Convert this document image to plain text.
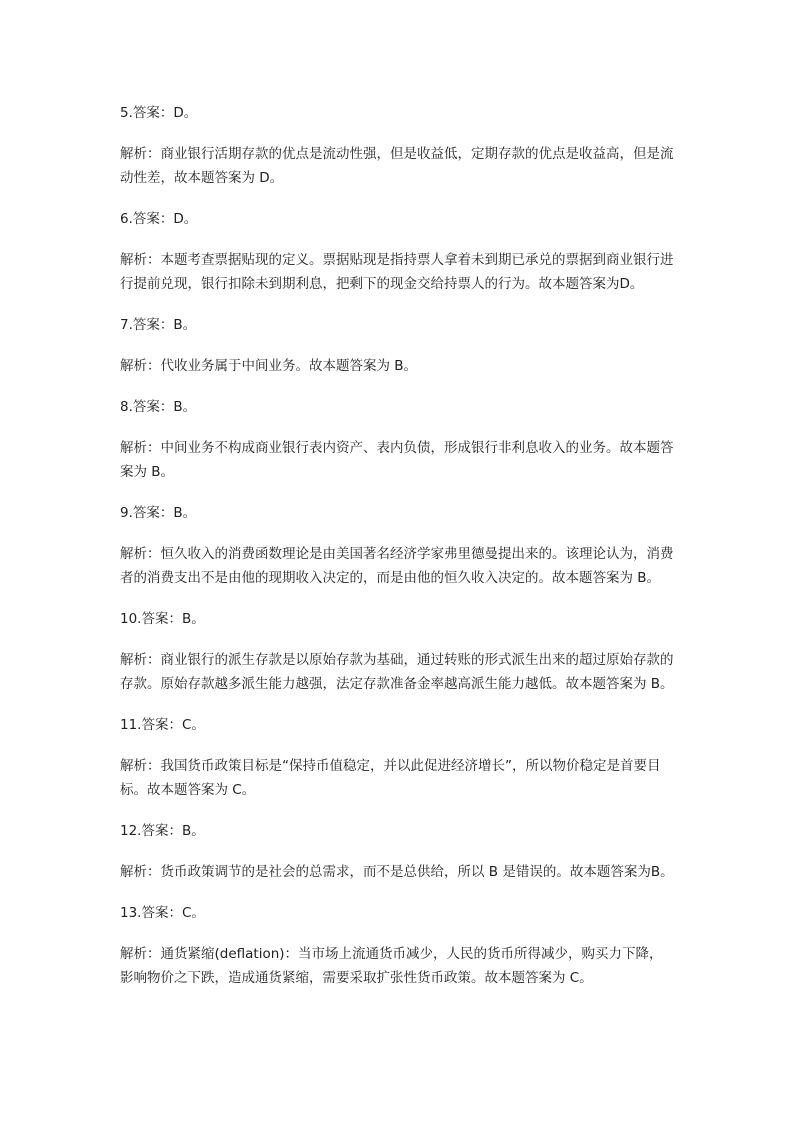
5.答案：D。

解析：商业银行活期存款的优点是流动性强，但是收益低，定期存款的优点是收益高，但是流动性差，故本题答案为 D。

6.答案：D。

解析：本题考查票据贴现的定义。票据贴现是指持票人拿着未到期已承兑的票据到商业银行进行提前兑现，银行扣除未到期利息，把剩下的现金交给持票人的行为。故本题答案为D。

7.答案：B。

解析：代收业务属于中间业务。故本题答案为 B。

8.答案：B。

解析：中间业务不构成商业银行表内资产、表内负债，形成银行非利息收入的业务。故本题答案为 B。

9.答案：B。

解析：恒久收入的消费函数理论是由美国著名经济学家弗里德曼提出来的。该理论认为，消费者的消费支出不是由他的现期收入决定的，而是由他的恒久收入决定的。故本题答案为 B。

10.答案：B。

解析：商业银行的派生存款是以原始存款为基础，通过转账的形式派生出来的超过原始存款的存款。原始存款越多派生能力越强，法定存款准备金率越高派生能力越低。故本题答案为 B。

11.答案：C。

解析：我国货币政策目标是“保持币值稳定，并以此促进经济增长”，所以物价稳定是首要目标。故本题答案为 C。

12.答案：B。

解析：货币政策调节的是社会的总需求，而不是总供给，所以 B 是错误的。故本题答案为B。

13.答案：C。

解析：通货紧缩(deflation)：当市场上流通货币减少，人民的货币所得减少，购买力下降，影响物价之下跌，造成通货紧缩，需要采取扩张性货币政策。故本题答案为 C。
